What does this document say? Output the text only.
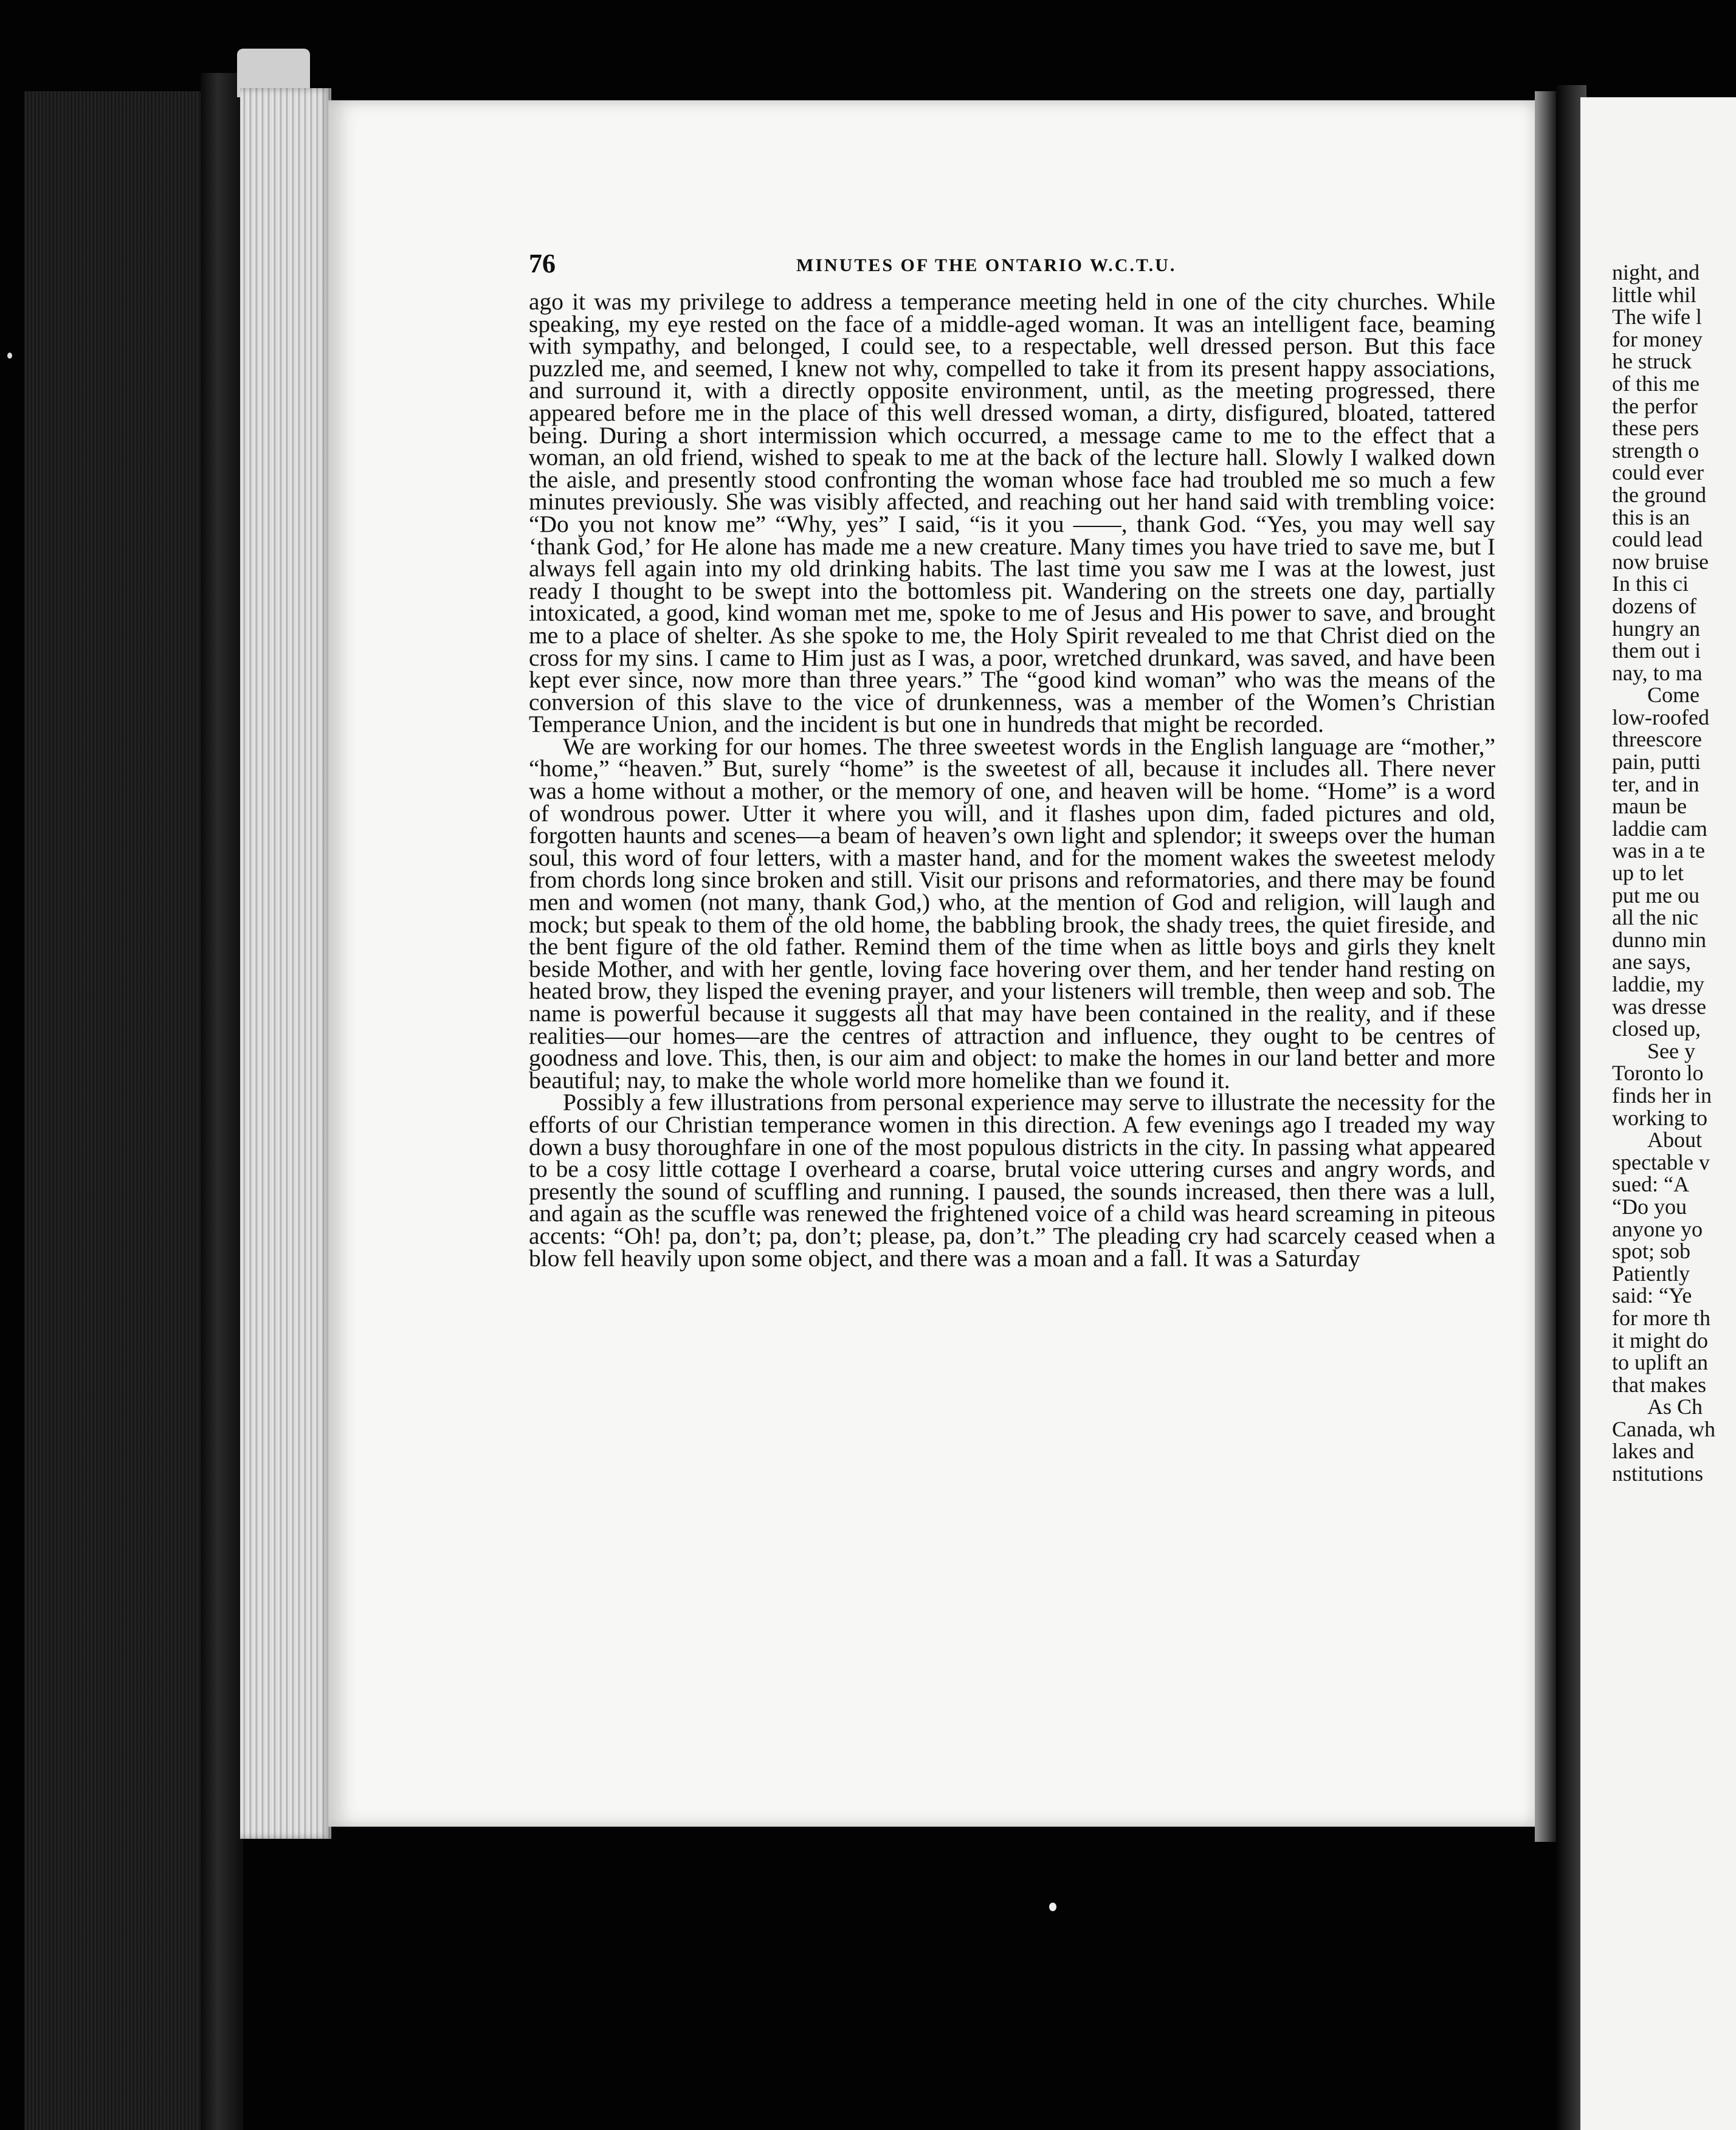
76	MINUTES OF THE ONTARIO W.C.T.U.

ago it was my privilege to address a temperance meeting held in one of the city churches. While speaking, my eye rested on the face of a middle-aged woman. It was an intelligent face, beaming with sympathy, and belonged, I could see, to a respectable, well dressed person. But this face puzzled me, and seemed, I knew not why, compelled to take it from its present happy associations, and surround it, with a directly opposite environment, until, as the meeting progressed, there appeared before me in the place of this well dressed woman, a dirty, disfigured, bloated, tattered being. During a short intermission which occurred, a message came to me to the effect that a woman, an old friend, wished to speak to me at the back of the lecture hall. Slowly I walked down the aisle, and presently stood confronting the woman whose face had troubled me so much a few minutes previously. She was visibly affected, and reaching out her hand said with trembling voice: “Do you not know me” “Why, yes” I said, “is it you ——, thank God. “Yes, you may well say ‘thank God,’ for He alone has made me a new creature. Many times you have tried to save me, but I always fell again into my old drinking habits. The last time you saw me I was at the lowest, just ready I thought to be swept into the bottomless pit. Wandering on the streets one day, partially intoxicated, a good, kind woman met me, spoke to me of Jesus and His power to save, and brought me to a place of shelter. As she spoke to me, the Holy Spirit revealed to me that Christ died on the cross for my sins. I came to Him just as I was, a poor, wretched drunkard, was saved, and have been kept ever since, now more than three years.” The “good kind woman” who was the means of the conversion of this slave to the vice of drunkenness, was a member of the Women’s Christian Temperance Union, and the incident is but one in hundreds that might be recorded.

We are working for our homes. The three sweetest words in the English language are “mother,” “home,” “heaven.” But, surely “home” is the sweetest of all, because it includes all. There never was a home without a mother, or the memory of one, and heaven will be home. “Home” is a word of wondrous power. Utter it where you will, and it flashes upon dim, faded pictures and old, forgotten haunts and scenes—a beam of heaven’s own light and splendor; it sweeps over the human soul, this word of four letters, with a master hand, and for the moment wakes the sweetest melody from chords long since broken and still. Visit our prisons and reformatories, and there may be found men and women (not many, thank God,) who, at the mention of God and religion, will laugh and mock; but speak to them of the old home, the babbling brook, the shady trees, the quiet fireside, and the bent figure of the old father. Remind them of the time when as little boys and girls they knelt beside Mother, and with her gentle, loving face hovering over them, and her tender hand resting on heated brow, they lisped the evening prayer, and your listeners will tremble, then weep and sob. The name is powerful because it suggests all that may have been contained in the reality, and if these realities—our homes—are the centres of attraction and influence, they ought to be centres of goodness and love. This, then, is our aim and object: to make the homes in our land better and more beautiful; nay, to make the whole world more homelike than we found it.

Possibly a few illustrations from personal experience may serve to illustrate the necessity for the efforts of our Christian temperance women in this direction. A few evenings ago I treaded my way down a busy thoroughfare in one of the most populous districts in the city. In passing what appeared to be a cosy little cottage I overheard a coarse, brutal voice uttering curses and angry words, and presently the sound of scuffling and running. I paused, the sounds increased, then there was a lull, and again as the scuffle was renewed the frightened voice of a child was heard screaming in piteous accents: “Oh! pa, don’t; pa, don’t; please, pa, don’t.” The pleading cry had scarcely ceased when a blow fell heavily upon some object, and there was a moan and a fall. It was a Saturday

night, and
little whil
The wife l
for money
he struck
of this me
the perfor
these pers
strength o
could ever
the ground
this is an
could lead
now bruise
In this ci
dozens of
hungry an
them out i
nay, to ma
Come
low-roofed
threescore
pain, putti
ter, and in
maun be
laddie cam
was in a te
up to let
put me ou
all the nic
dunno min
ane says,
laddie, my
was dresse
closed up,
See y
Toronto lo
finds her in
working to
About
spectable v
sued: “A
“Do you
anyone yo
spot; sob
Patiently
said: “Ye
for more th
it might do
to uplift an
that makes
As Ch
Canada, wh
lakes and
nstitutions
